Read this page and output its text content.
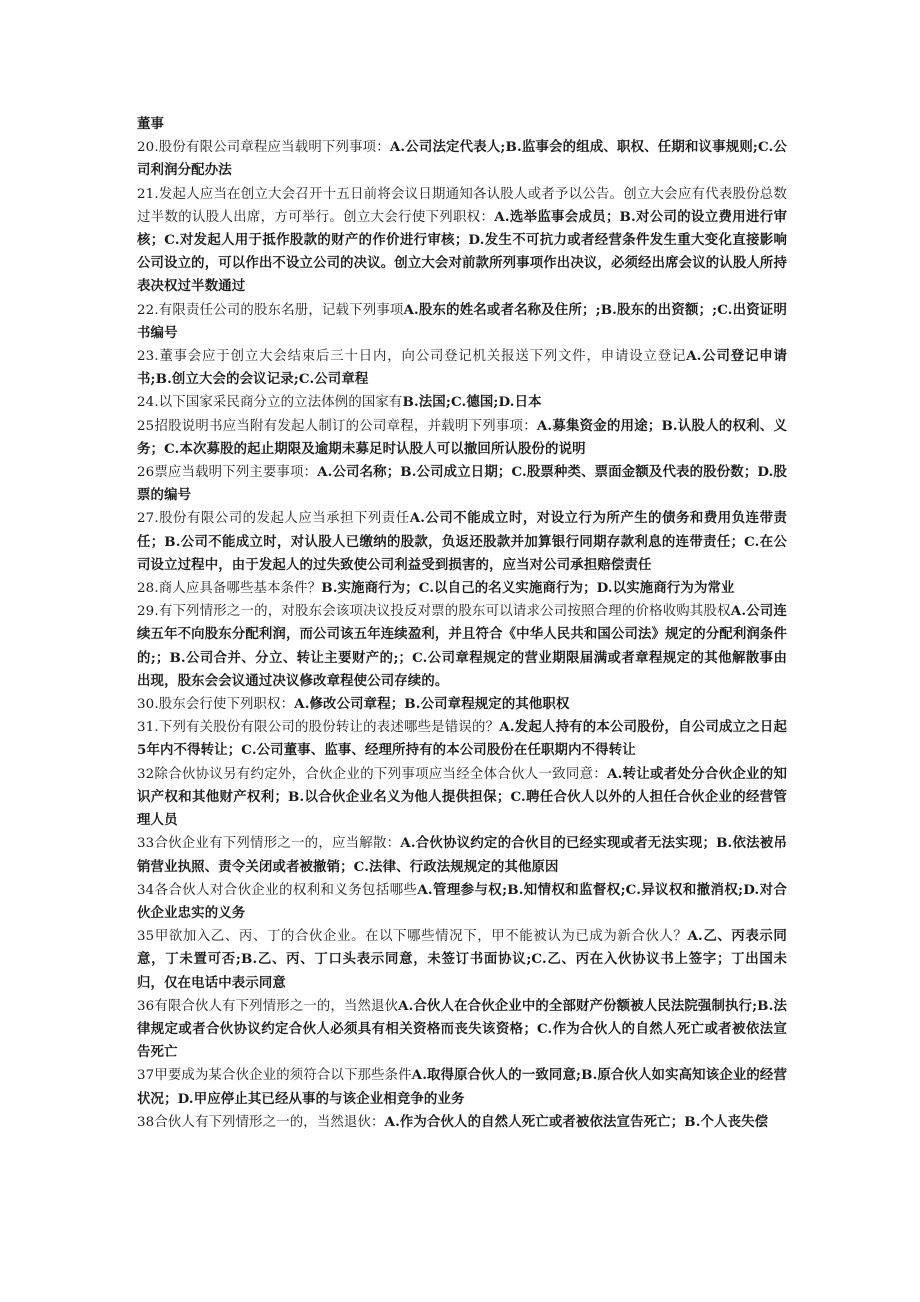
董事

20.股份有限公司章程应当载明下列事项：A.公司法定代表人;B.监事会的组成、职权、任期和议事规则;C.公司利润分配办法

21.发起人应当在创立大会召开十五日前将会议日期通知各认股人或者予以公告。创立大会应有代表股份总数过半数的认股人出席，方可举行。创立大会行使下列职权：A.选举监事会成员；B.对公司的设立费用进行审核；C.对发起人用于抵作股款的财产的作价进行审核；D.发生不可抗力或者经营条件发生重大变化直接影响公司设立的，可以作出不设立公司的决议。创立大会对前款所列事项作出决议，必须经出席会议的认股人所持表决权过半数通过

22.有限责任公司的股东名册，记载下列事项A.股东的姓名或者名称及住所；;B.股东的出资额；;C.出资证明书编号

23.董事会应于创立大会结束后三十日内，向公司登记机关报送下列文件，申请设立登记A.公司登记申请书;B.创立大会的会议记录;C.公司章程

24.以下国家采民商分立的立法体例的国家有B.法国;C.德国;D.日本

25招股说明书应当附有发起人制订的公司章程，并载明下列事项：A.募集资金的用途；B.认股人的权利、义务；C.本次募股的起止期限及逾期未募足时认股人可以撤回所认股份的说明

26票应当载明下列主要事项：A.公司名称；B.公司成立日期；C.股票种类、票面金额及代表的股份数；D.股票的编号

27.股份有限公司的发起人应当承担下列责任A.公司不能成立时，对设立行为所产生的债务和费用负连带责任；B.公司不能成立时，对认股人已缴纳的股款，负返还股款并加算银行同期存款利息的连带责任；C.在公司设立过程中，由于发起人的过失致使公司利益受到损害的，应当对公司承担赔偿责任

28.商人应具备哪些基本条件？B.实施商行为；C.以自己的名义实施商行为；D.以实施商行为为常业

29.有下列情形之一的，对股东会该项决议投反对票的股东可以请求公司按照合理的价格收购其股权A.公司连续五年不向股东分配利润，而公司该五年连续盈利，并且符合《中华人民共和国公司法》规定的分配利润条件的;；B.公司合并、分立、转让主要财产的;；C.公司章程规定的营业期限届满或者章程规定的其他解散事由出现，股东会会议通过决议修改章程使公司存续的。

30.股东会行使下列职权：A.修改公司章程；B.公司章程规定的其他职权

31.下列有关股份有限公司的股份转让的表述哪些是错误的？A.发起人持有的本公司股份，自公司成立之日起5年内不得转让；C.公司董事、监事、经理所持有的本公司股份在任职期内不得转让

32除合伙协议另有约定外，合伙企业的下列事项应当经全体合伙人一致同意：A.转让或者处分合伙企业的知识产权和其他财产权利；B.以合伙企业名义为他人提供担保；C.聘任合伙人以外的人担任合伙企业的经营管理人员

33合伙企业有下列情形之一的，应当解散：A.合伙协议约定的合伙目的已经实现或者无法实现；B.依法被吊销营业执照、责令关闭或者被撤销；C.法律、行政法规规定的其他原因

34各合伙人对合伙企业的权利和义务包括哪些A.管理参与权;B.知情权和监督权;C.异议权和撤消权;D.对合伙企业忠实的义务

35甲欲加入乙、丙、丁的合伙企业。在以下哪些情况下，甲不能被认为已成为新合伙人？A.乙、丙表示同意，丁未置可否;B.乙、丙、丁口头表示同意，未签订书面协议;C.乙、丙在入伙协议书上签字；丁出国未归，仅在电话中表示同意

36有限合伙人有下列情形之一的，当然退伙A.合伙人在合伙企业中的全部财产份额被人民法院强制执行;B.法律规定或者合伙协议约定合伙人必须具有相关资格而丧失该资格；C.作为合伙人的自然人死亡或者被依法宣告死亡

37甲要成为某合伙企业的须符合以下那些条件A.取得原合伙人的一致同意;B.原合伙人如实高知该企业的经营状况；D.甲应停止其已经从事的与该企业相竞争的业务

38合伙人有下列情形之一的，当然退伙：A.作为合伙人的自然人死亡或者被依法宣告死亡；B.个人丧失偿
